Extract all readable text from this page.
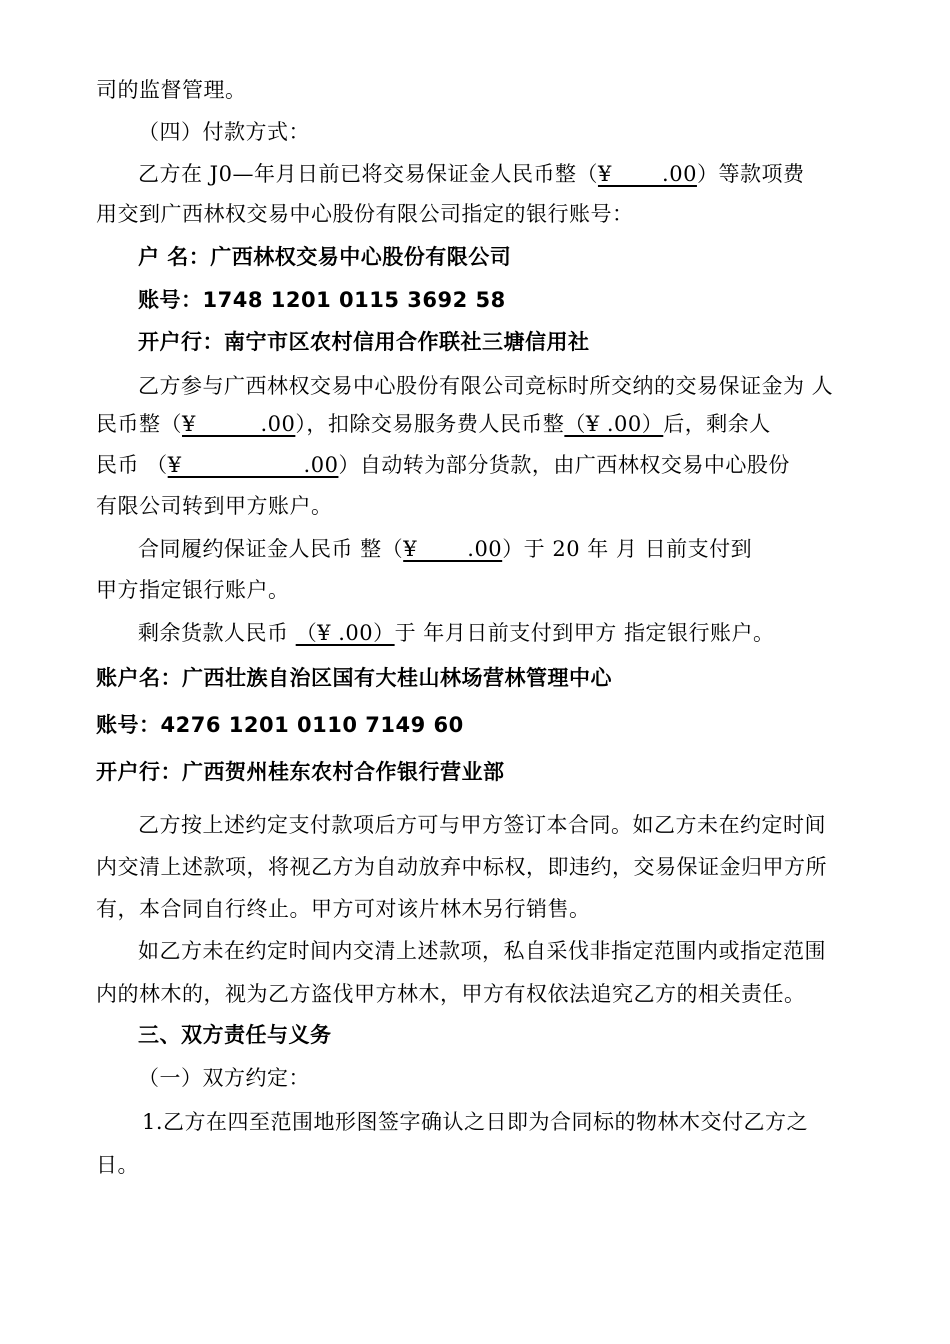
司的监督管理。
（四）付款方式：
乙方在 J0—年月日前已将交易保证金人民币整（¥       .00）等款项费
用交到广西林权交易中心股份有限公司指定的银行账号：
户 名：广西林权交易中心股份有限公司
账号：1748 1201 0115 3692 58
开户行：南宁市区农村信用合作联社三塘信用社
乙方参与广西林权交易中心股份有限公司竞标时所交纳的交易保证金为 人
民币整（¥         .00），扣除交易服务费人民币整（¥ .00）后，剩余人
民币 （¥                 .00）自动转为部分货款，由广西林权交易中心股份
有限公司转到甲方账户。
合同履约保证金人民币 整（¥       .00）于 20 年 月 日前支付到
甲方指定银行账户。
剩余货款人民币 （¥ .00）于 年月日前支付到甲方 指定银行账户。
账户名：广西壮族自治区国有大桂山林场营林管理中心
账号：4276 1201 0110 7149 60
开户行：广西贺州桂东农村合作银行营业部
乙方按上述约定支付款项后方可与甲方签订本合同。如乙方未在约定时间
内交清上述款项，将视乙方为自动放弃中标权，即违约，交易保证金归甲方所
有，本合同自行终止。甲方可对该片林木另行销售。
如乙方未在约定时间内交清上述款项，私自采伐非指定范围内或指定范围
内的林木的，视为乙方盗伐甲方林木，甲方有权依法追究乙方的相关责任。
三、双方责任与义务
（一）双方约定：
1.乙方在四至范围地形图签字确认之日即为合同标的物林木交付乙方之
日。
